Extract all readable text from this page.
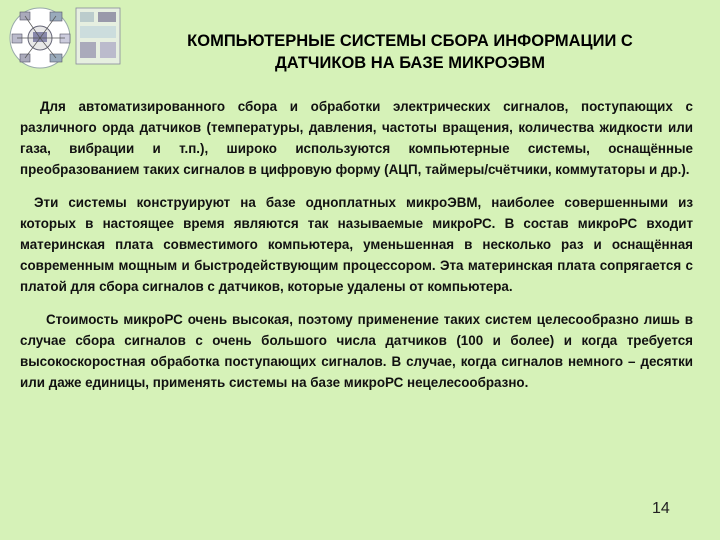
КОМПЬЮТЕРНЫЕ СИСТЕМЫ СБОРА ИНФОРМАЦИИ С
ДАТЧИКОВ НА БАЗЕ МИКРОЭВМ

Для автоматизированного сбора и обработки электрических сигналов, поступающих с различного орда датчиков (температуры, давления, частоты вращения, количества жидкости или газа, вибрации и т.п.), широко используются компьютерные системы, оснащённые преобразованием таких сигналов в цифровую форму (АЦП, таймеры/счётчики, коммутаторы и др.).

Эти системы конструируют на базе одноплатных микроЭВМ, наиболее совершенными из которых в настоящее время являются так называемые микроРС. В состав микроРС входит материнская плата совместимого компьютера, уменьшенная в несколько раз и оснащённая современным мощным и быстродействующим процессором. Эта материнская плата сопрягается с платой для сбора сигналов с датчиков, которые удалены от компьютера.

Стоимость микроРС очень высокая, поэтому применение таких систем целесообразно лишь в случае сбора сигналов с очень большого числа датчиков (100 и более) и когда требуется высокоскоростная обработка поступающих сигналов. В случае, когда сигналов немного – десятки или даже единицы, применять системы на базе микроРС нецелесообразно.

14
